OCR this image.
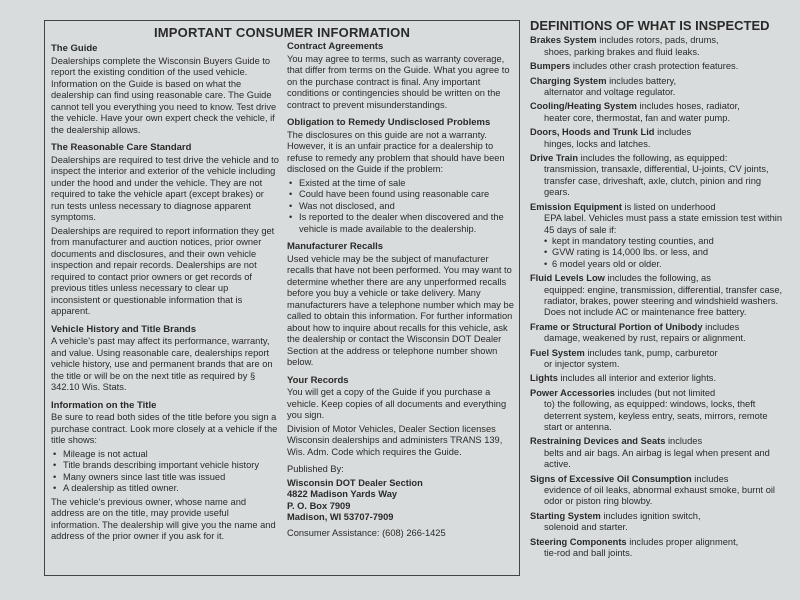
IMPORTANT CONSUMER INFORMATION
The Guide
Dealerships complete the Wisconsin Buyers Guide to report the existing condition of the used vehicle. Information on the Guide is based on what the dealership can find using reasonable care. The Guide cannot tell you everything you need to know. Test drive the vehicle. Have your own expert check the vehicle, if the dealership allows.
The Reasonable Care Standard
Dealerships are required to test drive the vehicle and to inspect the interior and exterior of the vehicle including under the hood and under the vehicle. They are not required to take the vehicle apart (except brakes) or run tests unless necessary to diagnose apparent symptoms.
Dealerships are required to report information they get from manufacturer and auction notices, prior owner documents and disclosures, and their own vehicle inspection and repair records. Dealerships are not required to contact prior owners or get records of previous titles unless necessary to clear up inconsistent or questionable information that is apparent.
Vehicle History and Title Brands
A vehicle's past may affect its performance, warranty, and value. Using reasonable care, dealerships report vehicle history, use and permanent brands that are on the title or will be on the next title as required by § 342.10 Wis. Stats.
Information on the Title
Be sure to read both sides of the title before you sign a purchase contract. Look more closely at a vehicle if the title shows:
• Mileage is not actual
• Title brands describing important vehicle history
• Many owners since last title was issued
• A dealership as titled owner.
The vehicle's previous owner, whose name and address are on the title, may provide useful information. The dealership will give you the name and address of the prior owner if you ask for it.
Contract Agreements
You may agree to terms, such as warranty coverage, that differ from terms on the Guide. What you agree to on the purchase contract is final. Any important conditions or contingencies should be written on the contract to prevent misunderstandings.
Obligation to Remedy Undisclosed Problems
The disclosures on this guide are not a warranty. However, it is an unfair practice for a dealership to refuse to remedy any problem that should have been disclosed on the Guide if the problem:
• Existed at the time of sale
• Could have been found using reasonable care
• Was not disclosed, and
• Is reported to the dealer when discovered and the vehicle is made available to the dealership.
Manufacturer Recalls
Used vehicle may be the subject of manufacturer recalls that have not been performed. You may want to determine whether there are any unperformed recalls before you buy a vehicle or take delivery. Many manufacturers have a telephone number which may be called to obtain this information. For further information about how to inquire about recalls for this vehicle, ask the dealership or contact the Wisconsin DOT Dealer Section at the address or telephone number shown below.
Your Records
You will get a copy of the Guide if you purchase a vehicle. Keep copies of all documents and everything you sign.
Division of Motor Vehicles, Dealer Section licenses Wisconsin dealerships and administers TRANS 139, Wis. Adm. Code which requires the Guide.
Published By:
Wisconsin DOT Dealer Section
4822 Madison Yards Way
P. O. Box 7909
Madison, WI 53707-7909
Consumer Assistance: (608) 266-1425
DEFINITIONS OF WHAT IS INSPECTED
Brakes System includes rotors, pads, drums,
shoes, parking brakes and fluid leaks.
Bumpers includes other crash protection features.
Charging System includes battery,
alternator and voltage regulator.
Cooling/Heating System includes hoses, radiator,
heater core, thermostat, fan and water pump.
Doors, Hoods and Trunk Lid includes
hinges, locks and latches.
Drive Train includes the following, as equipped:
transmission, transaxle, differential, U-joints, CV joints, transfer case, driveshaft, axle, clutch, pinion and ring gears.
Emission Equipment is listed on underhood
EPA label. Vehicles must pass a state emission test within 45 days of sale if:
• kept in mandatory testing counties, and
• GVW rating is 14,000 lbs. or less, and
• 6 model years old or older.
Fluid Levels Low includes the following, as
equipped: engine, transmission, differential, transfer case, radiator, brakes, power steering and windshield washers. Does not include AC or maintenance free battery.
Frame or Structural Portion of Unibody includes
damage, weakened by rust, repairs or alignment.
Fuel System includes tank, pump, carburetor
or injector system.
Lights includes all interior and exterior lights.
Power Accessories includes (but not limited
to) the following, as equipped: windows, locks, theft deterrent system, keyless entry, seats, mirrors, remote start or antenna.
Restraining Devices and Seats includes
belts and air bags. An airbag is legal when present and active.
Signs of Excessive Oil Consumption includes
evidence of oil leaks, abnormal exhaust smoke, burnt oil odor or piston ring blowby.
Starting System includes ignition switch,
solenoid and starter.
Steering Components includes proper alignment,
tie-rod and ball joints.
